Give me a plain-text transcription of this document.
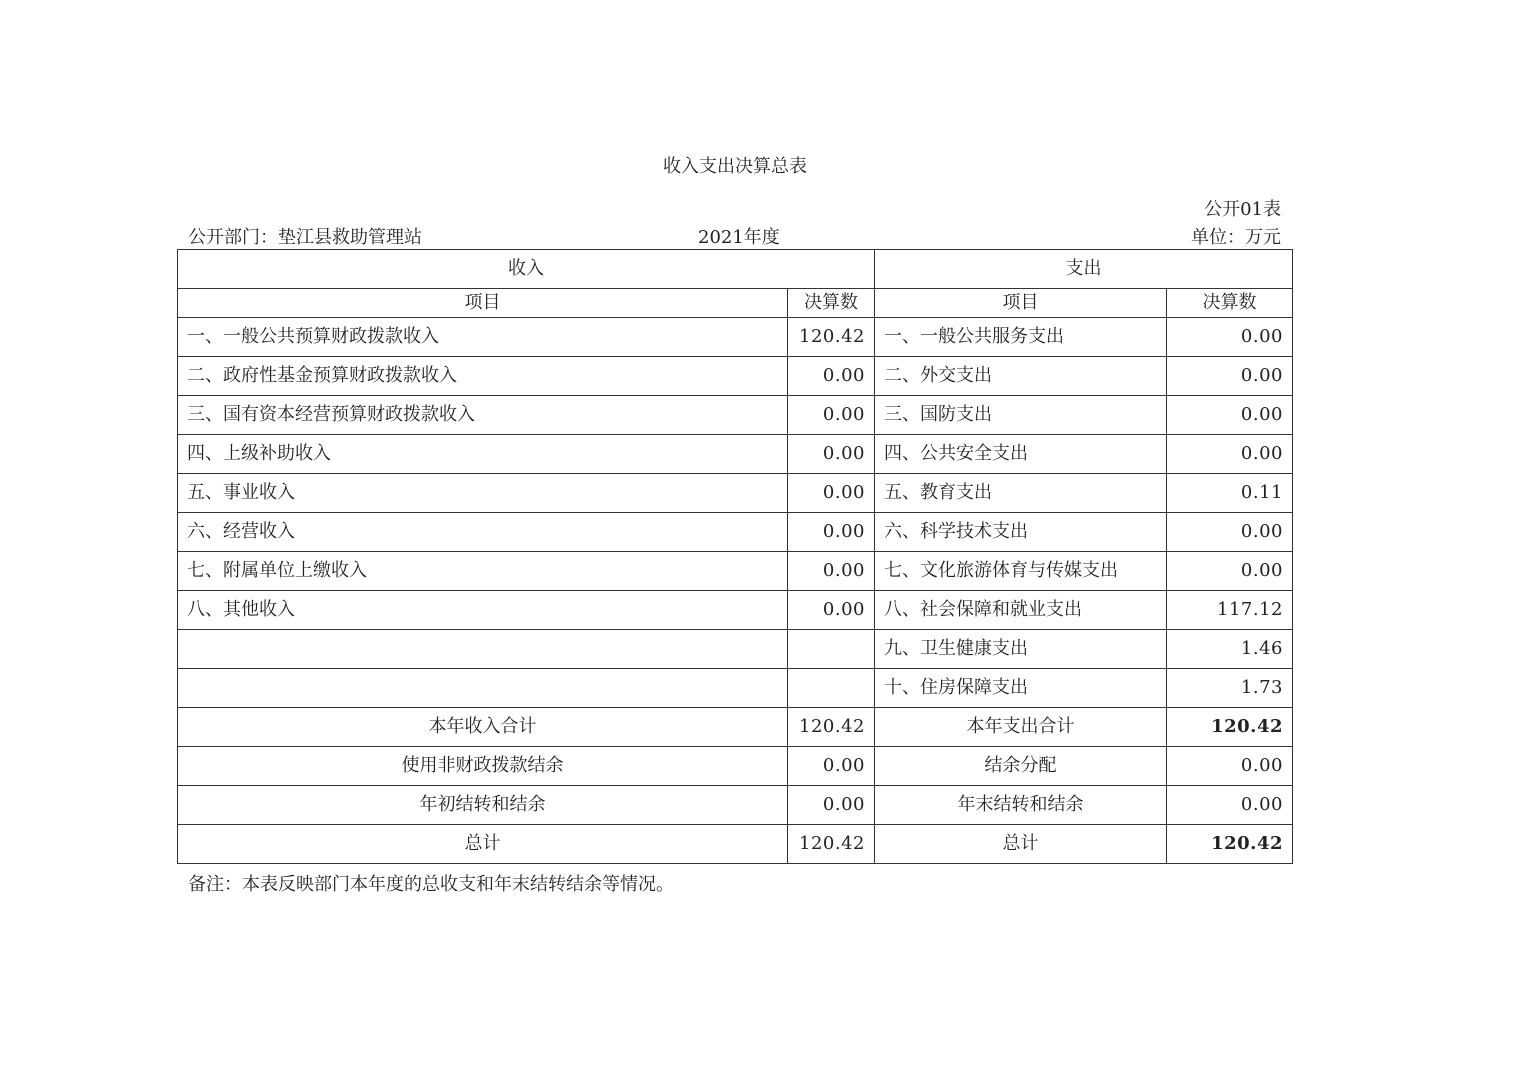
收入支出决算总表
公开01表
公开部门：垫江县救助管理站	2021年度	单位：万元
收入		支出	
项目	决算数	项目	决算数
一、一般公共预算财政拨款收入	120.42	一、一般公共服务支出	0.00
二、政府性基金预算财政拨款收入	0.00	二、外交支出	0.00
三、国有资本经营预算财政拨款收入	0.00	三、国防支出	0.00
四、上级补助收入	0.00	四、公共安全支出	0.00
五、事业收入	0.00	五、教育支出	0.11
六、经营收入	0.00	六、科学技术支出	0.00
七、附属单位上缴收入	0.00	七、文化旅游体育与传媒支出	0.00
八、其他收入	0.00	八、社会保障和就业支出	117.12
		九、卫生健康支出	1.46
		十、住房保障支出	1.73
本年收入合计	120.42	本年支出合计	120.42
使用非财政拨款结余	0.00	结余分配	0.00
年初结转和结余	0.00	年末结转和结余	0.00
总计	120.42	总计	120.42
备注：本表反映部门本年度的总收支和年末结转结余等情况。
